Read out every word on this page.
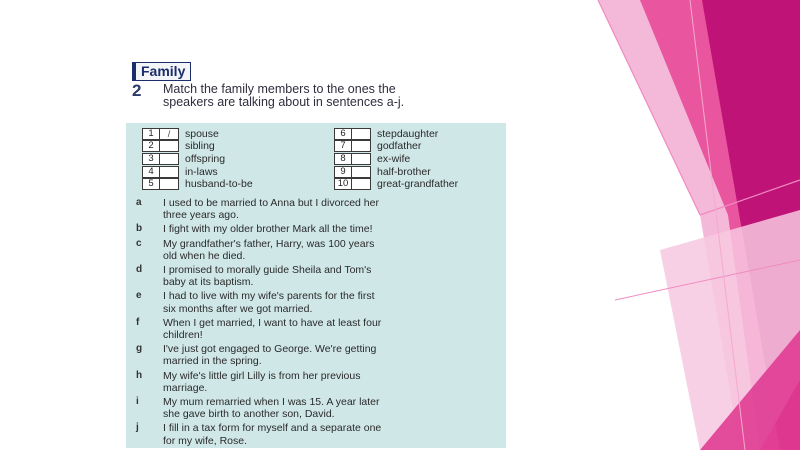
Family
2 Match the family members to the ones the
speakers are talking about in sentences a-j.
1	/	spouse
2	sibling
3	offspring
4	in-laws
5	husband-to-be
6	stepdaughter
7	godfather
8	ex-wife
9	half-brother
10	great-grandfather
a	I used to be married to Anna but I divorced her
three years ago.
b	I fight with my older brother Mark all the time!
c	My grandfather's father, Harry, was 100 years
old when he died.
d	I promised to morally guide Sheila and Tom's
baby at its baptism.
e	I had to live with my wife's parents for the first
six months after we got married.
f	When I get married, I want to have at least four
children!
g	I've just got engaged to George. We're getting
married in the spring.
h	My wife's little girl Lilly is from her previous
marriage.
i	My mum remarried when I was 15. A year later
she gave birth to another son, David.
j	I fill in a tax form for myself and a separate one
for my wife, Rose.
